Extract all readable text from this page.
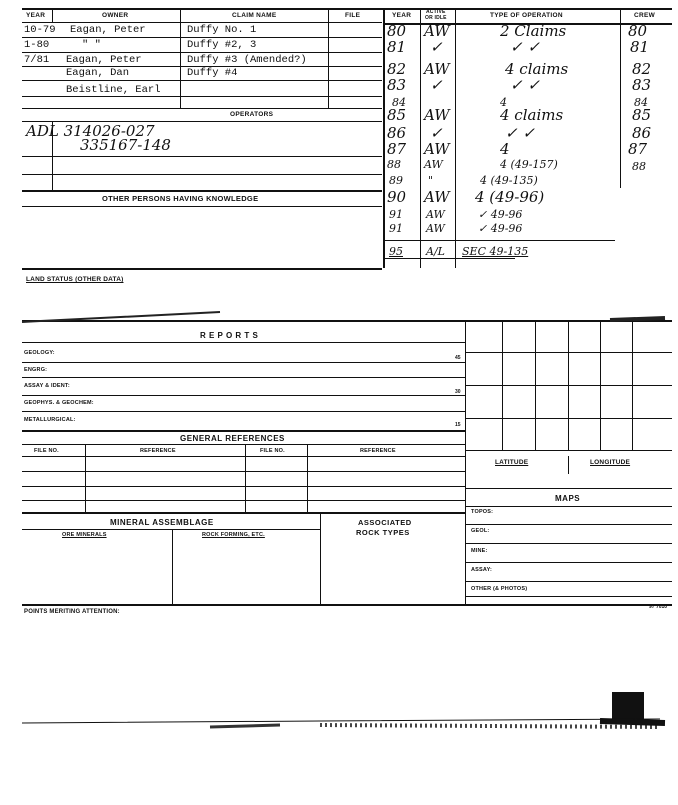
YEAR	OWNER	CLAIM NAME	FILE	YEAR	ACTIVE
OR IDLE	TYPE OF OPERATION	CREW
10-79 Eagan, Peter	Duffy No. 1
1-80	" "	Duffy #2, 3
7/81 Eagan, Peter	Duffy #3 (Amended?)
Eagan, Dan	Duffy #4
Beistline, Earl
OPERATORS
ADL 314026-027
335167-148
OTHER PERSONS HAVING KNOWLEDGE
80 AW	2 Claims	80
81 ✓	✓ ✓	81
82 AW	4 claims	82
83 ✓	✓ ✓	83
84	4	84
85 AW	4 claims	85
86 ✓	✓ ✓	86
87 AW	4	87
88 AW	4 (49-157)	88
89 "	4 (49-135)
90 AW 4 (49-96)
91 AW	✓ 49-96
91 AW	✓ 49-96
95 A/L SEC 49-135
LAND STATUS (OTHER DATA)
R E P O R T S
GEOLOGY:
45
ENGRG:
ASSAY & IDENT:
30
GEOPHYS. & GEOCHEM:
METALLURGICAL:
15
GENERAL REFERENCES
FILE NO.	REFERENCE	FILE NO.	REFERENCE
LATITUDE	LONGITUDE
MAPS
TOPOS:
GEOL:
MINE:
ASSAY:
OTHER (& PHOTOS)
MINERAL ASSEMBLAGE
ORE MINERALS	ROCK FORMING, ETC.
ASSOCIATED
ROCK TYPES
POINTS MERITING ATTENTION:
97 7010
